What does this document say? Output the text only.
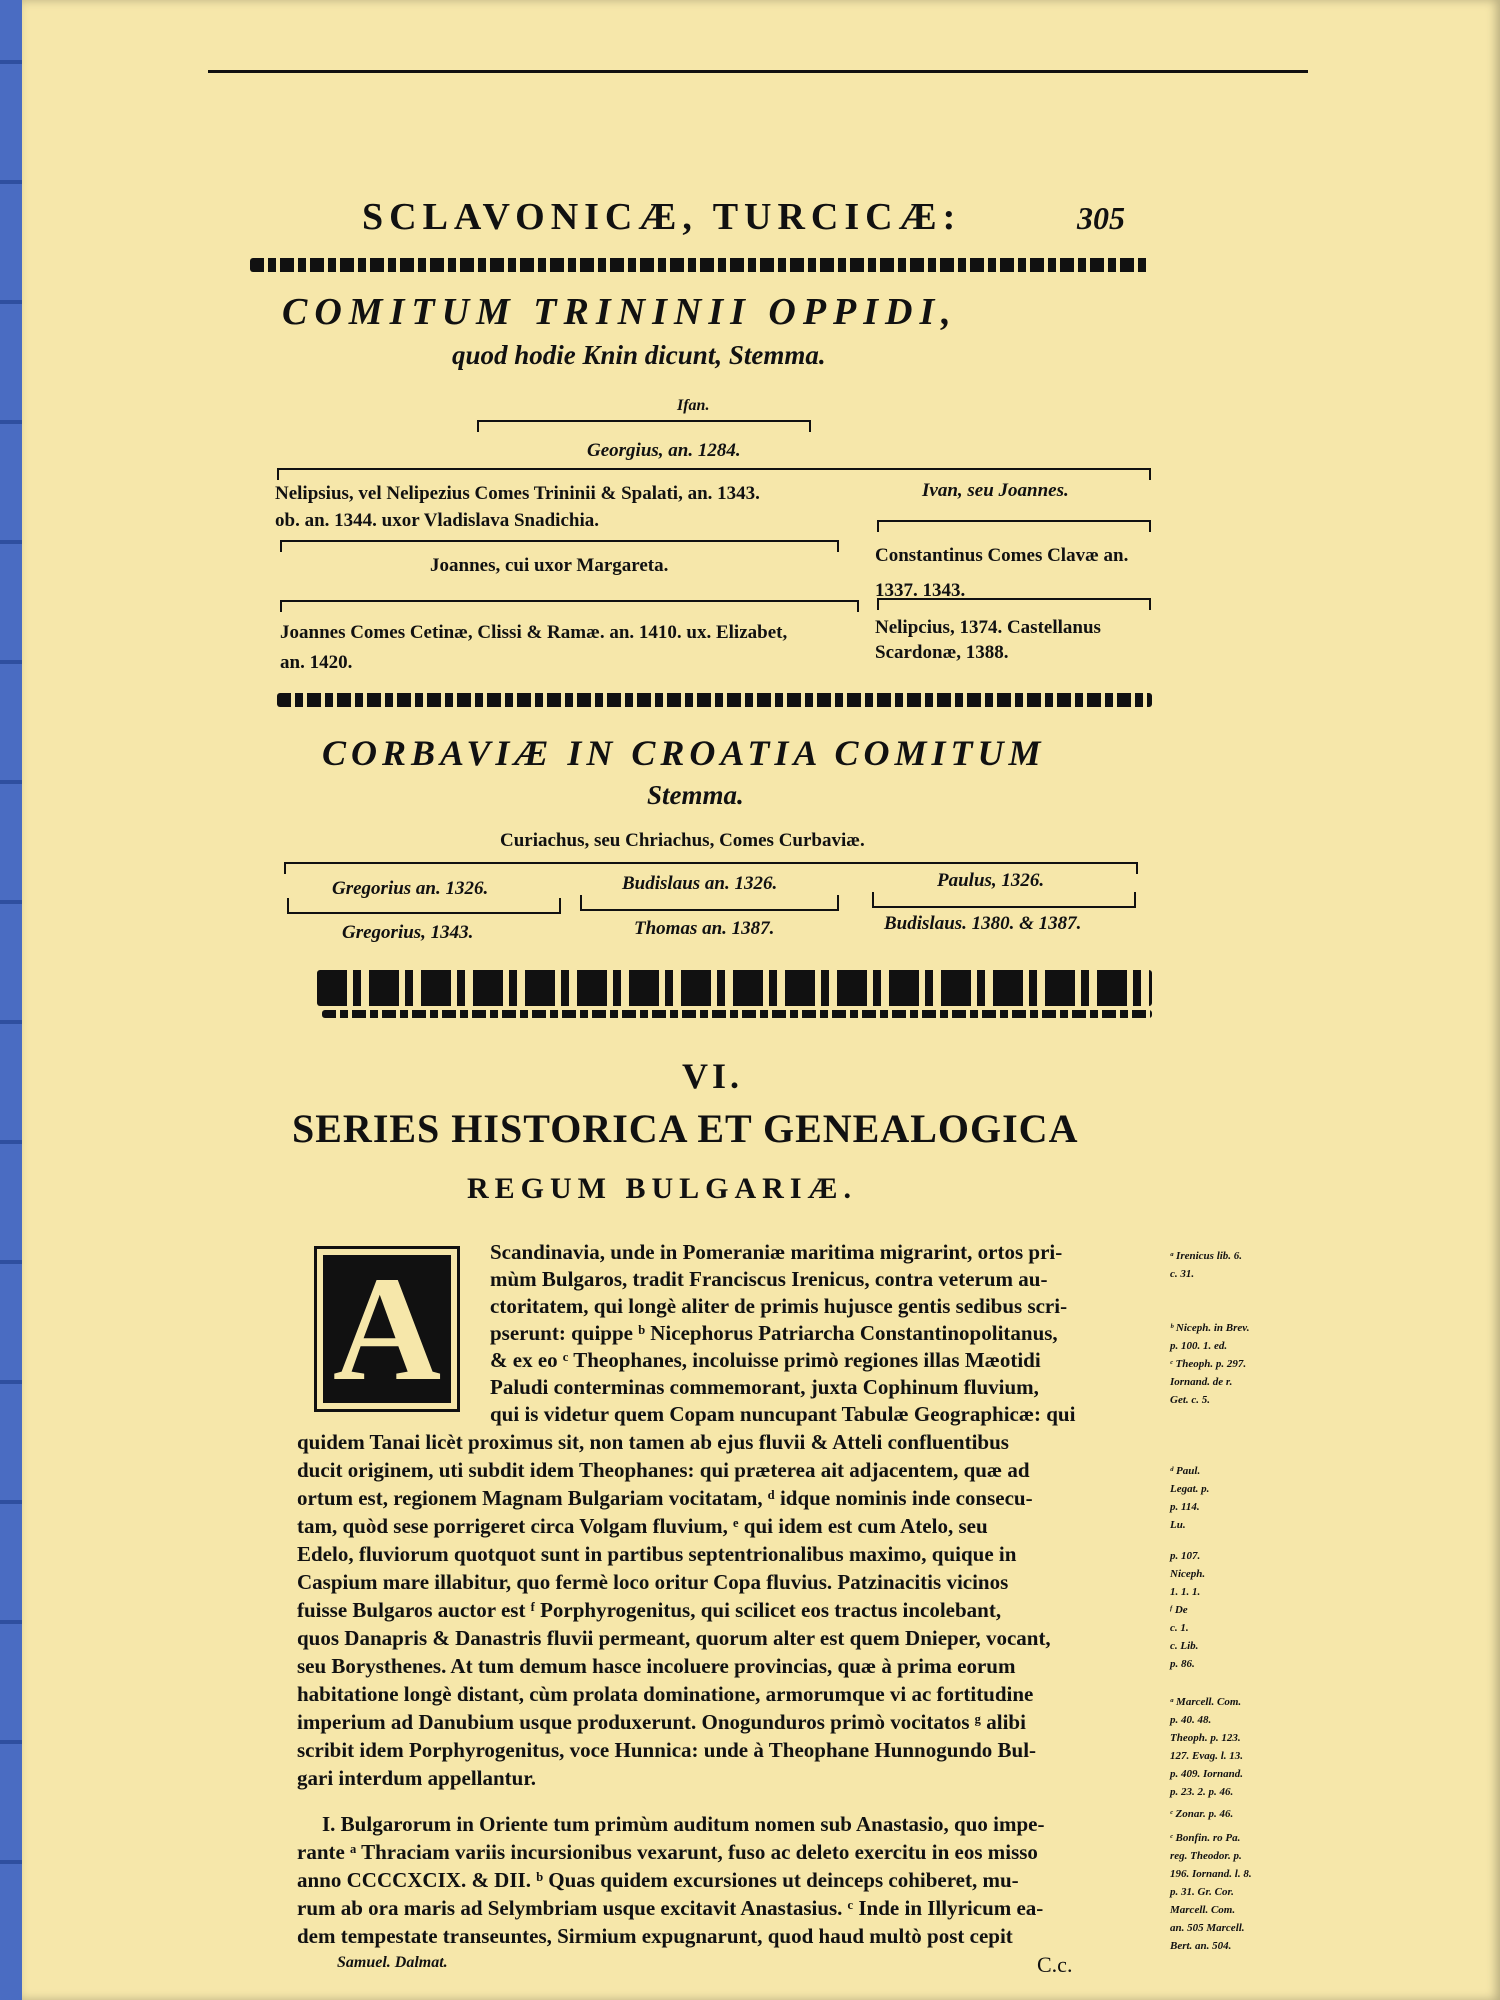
SCLAVONICÆ, TURCICÆ:	305
COMITUM TRININII OPPIDI,
quod hodie Knin dicunt, Stemma.
Ifan.
Georgius, an. 1284.
Nelipsius, vel Nelipezius Comes Trininii & Spalati, an. 1343.
ob. an. 1344. uxor Vladislava Snadichia.
Ivan, seu Joannes.
Joannes, cui uxor Margareta.	Constantinus Comes Clavæ an.
1337. 1343.
Joannes Comes Cetinæ, Clissi & Ramæ. an. 1410. ux. Elizabet,
an. 1420.
Nelipcius, 1374. Castellanus
Scardonæ, 1388.
CORBAVIÆ IN CROATIA COMITUM
Stemma.
Curiachus, seu Chriachus, Comes Curbaviæ.
Gregorius an. 1326.	Budislaus an. 1326.	Paulus, 1326.
Gregorius, 1343.	Thomas an. 1387.	Budislaus. 1380. & 1387.
VI.
SERIES HISTORICA ET GENEALOGICA
REGUM BULGARIÆ.
A Scandinavia, unde in Pomeraniæ maritima migrarint, ortos pri-
mùm Bulgaros, tradit Franciscus Irenicus, contra veterum au-
ctoritatem, qui longè aliter de primis hujusce gentis sedibus scri-
pserunt: quippe ᵇ Nicephorus Patriarcha Constantinopolitanus,
& ex eo ᶜ Theophanes, incoluisse primò regiones illas Mæotidi
Paludi conterminas commemorant, juxta Cophinum fluvium,
qui is videtur quem Copam nuncupant Tabulæ Geographicæ: qui
quidem Tanai licèt proximus sit, non tamen ab ejus fluvii & Atteli confluentibus
ducit originem, uti subdit idem Theophanes: qui præterea ait adjacentem, quæ ad
ortum est, regionem Magnam Bulgariam vocitatam, ᵈ idque nominis inde consecu-
tam, quòd sese porrigeret circa Volgam fluvium, ᵉ qui idem est cum Atelo, seu
Edelo, fluviorum quotquot sunt in partibus septentrionalibus maximo, quique in
Caspium mare illabitur, quo fermè loco oritur Copa fluvius. Patzinacitis vicinos
fuisse Bulgaros auctor est ᶠ Porphyrogenitus, qui scilicet eos tractus incolebant,
quos Danapris & Danastris fluvii permeant, quorum alter est quem Dnieper, vocant,
seu Borysthenes. At tum demum hasce incoluere provincias, quæ à prima eorum
habitatione longè distant, cùm prolata dominatione, armorumque vi ac fortitudine
imperium ad Danubium usque produxerunt. Onogunduros primò vocitatos ᵍ alibi
scribit idem Porphyrogenitus, voce Hunnica: unde à Theophane Hunnogundo Bul-
gari interdum appellantur.
I. Bulgarorum in Oriente tum primùm auditum nomen sub Anastasio, quo impe-
rante ᵃ Thraciam variis incursionibus vexarunt, fuso ac deleto exercitu in eos misso
anno CCCCXCIX. & DII. ᵇ Quas quidem excursiones ut deinceps cohiberet, mu-
rum ab ora maris ad Selymbriam usque excitavit Anastasius. ᶜ Inde in Illyricum ea-
dem tempestate transeuntes, Sirmium expugnarunt, quod haud multò post cepit
Samuel. Dalmat.	C.c.
ᵃ Irenicus lib. 6.
c. 31.
ᵇ Niceph. in Brev.
p. 100. 1. ed.
ᶜ Theoph. p. 297.
Iornand. de r.
Get. c. 5.
ᵈ Paul.
Legat. p.
p. 114.
Lu.
p. 107.
Niceph.
1. 1. 1.
ᶠ De
c. 1.
c. Lib.
p. 86.
ᵃ Marcell. Com.
p. 40. 48.
Theoph. p. 123.
127. Evag. l. 13.
p. 409. Iornand.
p. 23. 2. p. 46.
ᶜ Zonar. p. 46.
ᶜ Bonfin. ro Pa.
reg. Theodor. p.
196. Iornand. l. 8.
p. 31. Gr. Cor.
Marcell. Com.
an. 505 Marcell.
Bert. an. 504.
